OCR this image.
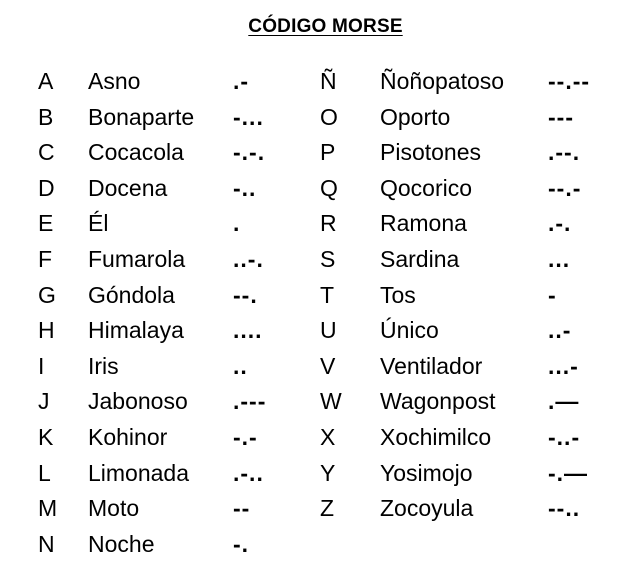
CÓDIGO MORSE
A Asno	.-
B Bonaparte -...
C Cocacola -.-.
D Docena	-..
E Él	.
F Fumarola ..-.
G Góndola	--.
H Himalaya ....
I Iris	..
J Jabonoso .---
K Kohinor	-.-
L Limonada .-..
M Moto	--
N Noche	-.
Ñ Ñoñopatoso --.--
O Oporto	---
P Pisotones	.--.
Q Qocorico	--.-
R Ramona	.-.
S Sardina	...
T Tos	-
U Único	..-
V Ventilador	...-
W Wagonpost .—
X Xochimilco -..-
Y Yosimojo	-.—
Z Zocoyula	--..
